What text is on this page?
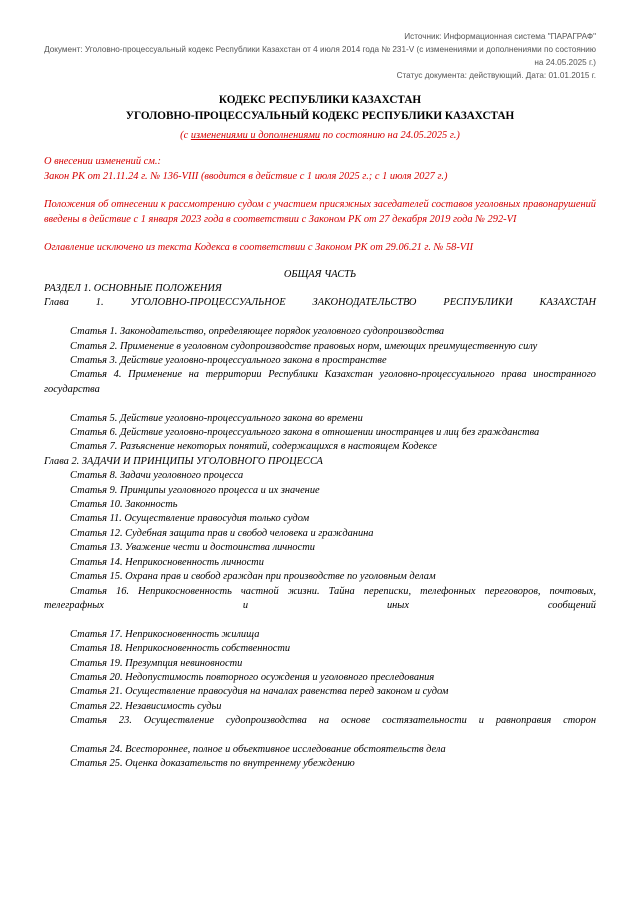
Источник: Информационная система "ПАРАГРАФ"
Документ: Уголовно-процессуальный кодекс Республики Казахстан от 4 июля 2014 года № 231-V (с изменениями и дополнениями по состоянию на 24.05.2025 г.)
Статус документа: действующий. Дата: 01.01.2015 г.
КОДЕКС РЕСПУБЛИКИ КАЗАХСТАН
УГОЛОВНО-ПРОЦЕССУАЛЬНЫЙ КОДЕКС РЕСПУБЛИКИ КАЗАХСТАН
(с изменениями и дополнениями по состоянию на 24.05.2025 г.)
О внесении изменений см.:
Закон РК от 21.11.24 г. № 136-VIII (вводится в действие с 1 июля 2025 г.; с 1 июля 2027 г.)
Положения об отнесении к рассмотрению судом с участием присяжных заседателей составов уголовных правонарушений введены в действие с 1 января 2023 года в соответствии с Законом РК от 27 декабря 2019 года № 292-VI
Оглавление исключено из текста Кодекса в соответствии с Законом РК от 29.06.21 г. № 58-VII
ОБЩАЯ ЧАСТЬ
РАЗДЕЛ 1. ОСНОВНЫЕ ПОЛОЖЕНИЯ
Глава 1. УГОЛОВНО-ПРОЦЕССУАЛЬНОЕ ЗАКОНОДАТЕЛЬСТВО РЕСПУБЛИКИ КАЗАХСТАН
Статья 1. Законодательство, определяющее порядок уголовного судопроизводства
Статья 2. Применение в уголовном судопроизводстве правовых норм, имеющих преимущественную силу
Статья 3. Действие уголовно-процессуального закона в пространстве
Статья 4. Применение на территории Республики Казахстан уголовно-процессуального права иностранного государства
Статья 5. Действие уголовно-процессуального закона во времени
Статья 6. Действие уголовно-процессуального закона в отношении иностранцев и лиц без гражданства
Статья 7. Разъяснение некоторых понятий, содержащихся в настоящем Кодексе
Глава 2. ЗАДАЧИ И ПРИНЦИПЫ УГОЛОВНОГО ПРОЦЕССА
Статья 8. Задачи уголовного процесса
Статья 9. Принципы уголовного процесса и их значение
Статья 10. Законность
Статья 11. Осуществление правосудия только судом
Статья 12. Судебная защита прав и свобод человека и гражданина
Статья 13. Уважение чести и достоинства личности
Статья 14. Неприкосновенность личности
Статья 15. Охрана прав и свобод граждан при производстве по уголовным делам
Статья 16. Неприкосновенность частной жизни. Тайна переписки, телефонных переговоров, почтовых, телеграфных и иных сообщений
Статья 17. Неприкосновенность жилища
Статья 18. Неприкосновенность собственности
Статья 19. Презумпция невиновности
Статья 20. Недопустимость повторного осуждения и уголовного преследования
Статья 21. Осуществление правосудия на началах равенства перед законом и судом
Статья 22. Независимость судьи
Статья 23. Осуществление судопроизводства на основе состязательности и равноправия сторон
Статья 24. Всестороннее, полное и объективное исследование обстоятельств дела
Статья 25. Оценка доказательств по внутреннему убеждению
